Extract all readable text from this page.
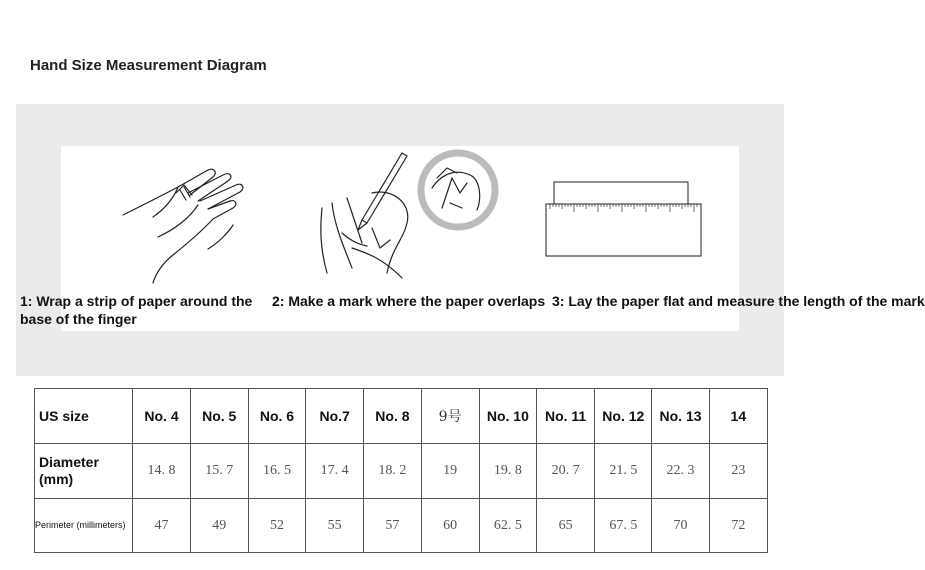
Hand Size Measurement Diagram
1: Wrap a strip of paper around the base of the finger
2: Make a mark where the paper overlaps 3: Lay the paper flat and measure the length of the mark
US size	No. 4	No. 5	No. 6	No.7	No. 8	9号	No. 10	No. 11	No. 12	No. 13	14
Diameter (mm)	14. 8	15. 7	16. 5	17. 4	18. 2	19	19. 8	20. 7	21. 5	22. 3	23
Perimeter (millimeters)	47	49	52	55	57	60	62. 5	65	67. 5	70	72
